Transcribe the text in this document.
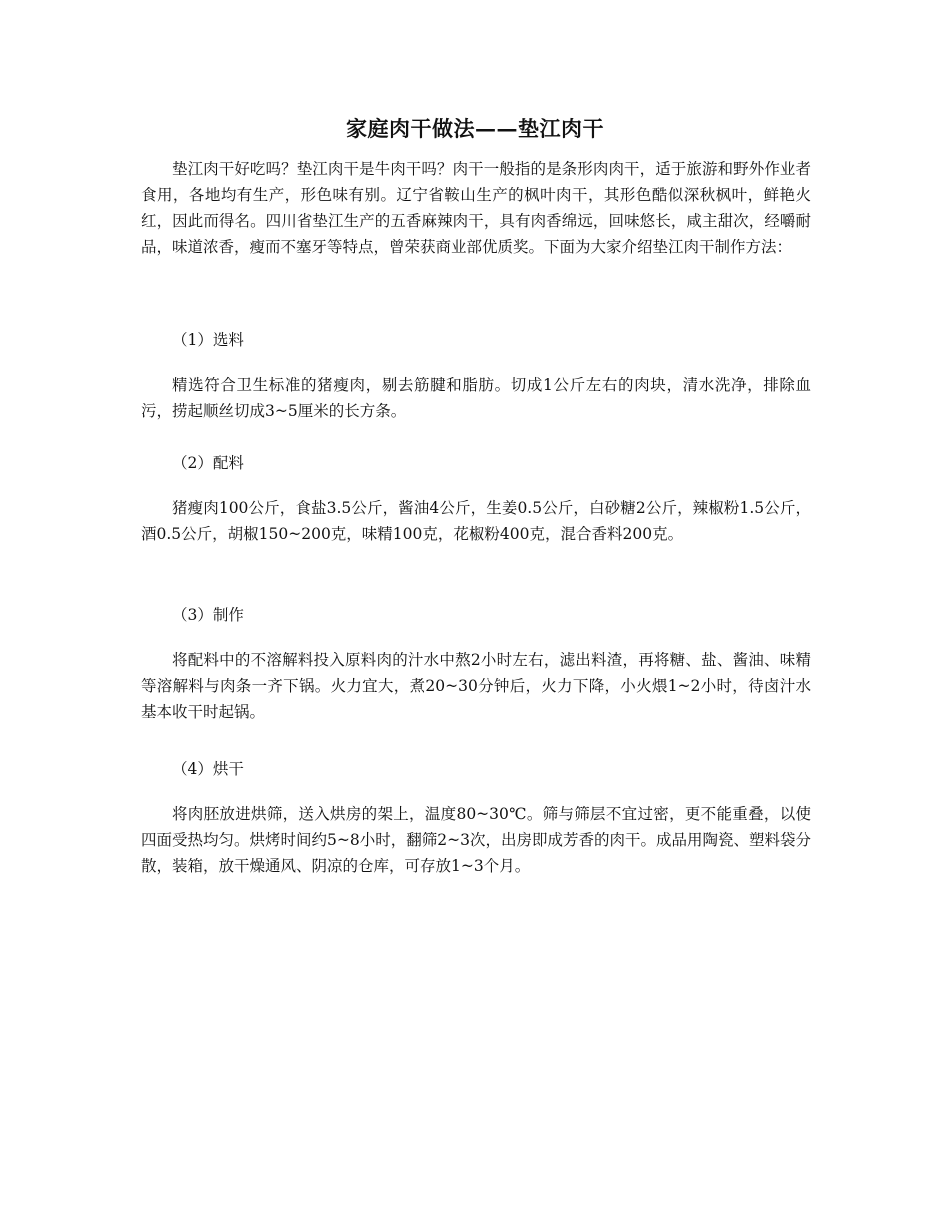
家庭肉干做法——垫江肉干

垫江肉干好吃吗？垫江肉干是牛肉干吗？肉干一般指的是条形肉肉干，适于旅游和野外作业者食用，各地均有生产，形色味有别。辽宁省鞍山生产的枫叶肉干，其形色酷似深秋枫叶，鲜艳火红，因此而得名。四川省垫江生产的五香麻辣肉干，具有肉香绵远，回味悠长，咸主甜次，经嚼耐品，味道浓香，瘦而不塞牙等特点，曾荣获商业部优质奖。下面为大家介绍垫江肉干制作方法：

（1）选料

精选符合卫生标准的猪瘦肉，剔去筋腱和脂肪。切成1公斤左右的肉块，清水洗净，排除血污，捞起顺丝切成3~5厘米的长方条。

（2）配料

猪瘦肉100公斤，食盐3.5公斤，酱油4公斤，生姜0.5公斤，白砂糖2公斤，辣椒粉1.5公斤，酒0.5公斤，胡椒150~200克，味精100克，花椒粉400克，混合香料200克。

（3）制作

将配料中的不溶解料投入原料肉的汁水中熬2小时左右，滤出料渣，再将糖、盐、酱油、味精等溶解料与肉条一齐下锅。火力宜大，煮20~30分钟后，火力下降，小火煨1~2小时，待卤汁水基本收干时起锅。

（4）烘干

将肉胚放进烘筛，送入烘房的架上，温度80~30℃。筛与筛层不宜过密，更不能重叠，以使四面受热均匀。烘烤时间约5~8小时，翻筛2~3次，出房即成芳香的肉干。成品用陶瓷、塑料袋分散，装箱，放干燥通风、阴凉的仓库，可存放1~3个月。
